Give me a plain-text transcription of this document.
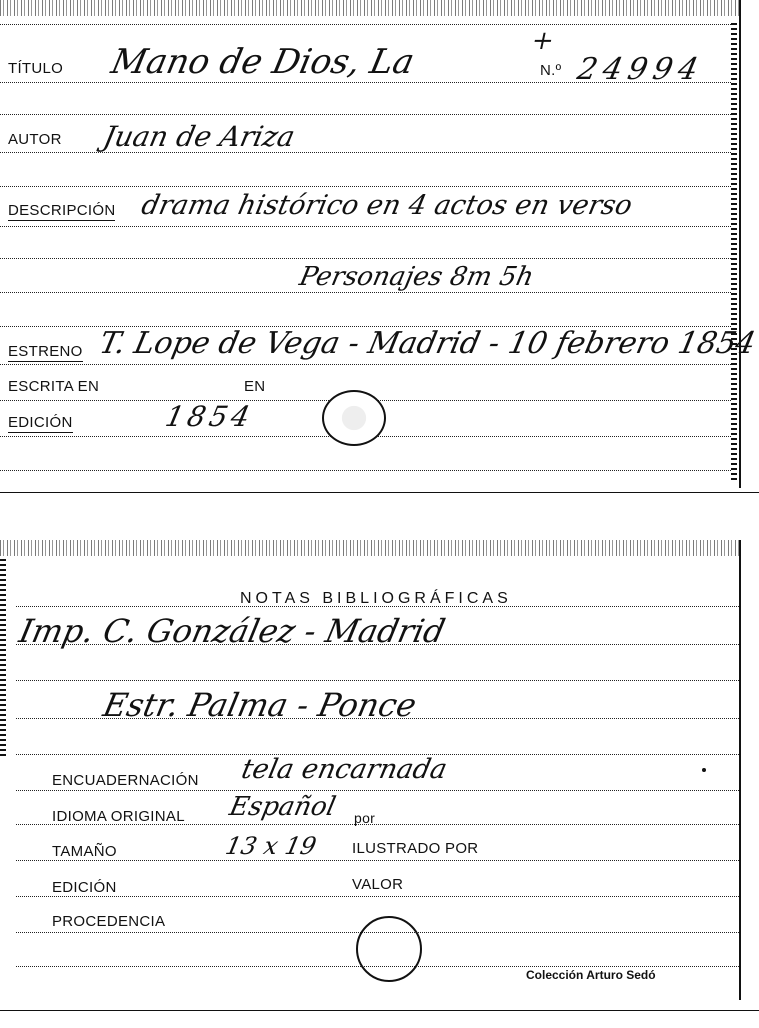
TÍTULO Mano de Dios, La
+
N.º 24994
AUTOR Juan de Ariza
DESCRIPCIÓN drama histórico en 4 actos en verso
Personajes 8m 5h
ESTRENO T. Lope de Vega - Madrid - 10 febrero 1854
ESCRITA EN	EN
EDICIÓN	1854
NOTAS BIBLIOGRÁFICAS
Imp. C. González - Madrid
Estr. Palma - Ponce
ENCUADERNACIÓN tela encarnada
IDIOMA ORIGINAL Español por
TAMAÑO	13 x 19 ILUSTRADO POR
EDICIÓN	VALOR
PROCEDENCIA
Colección Arturo Sedó
